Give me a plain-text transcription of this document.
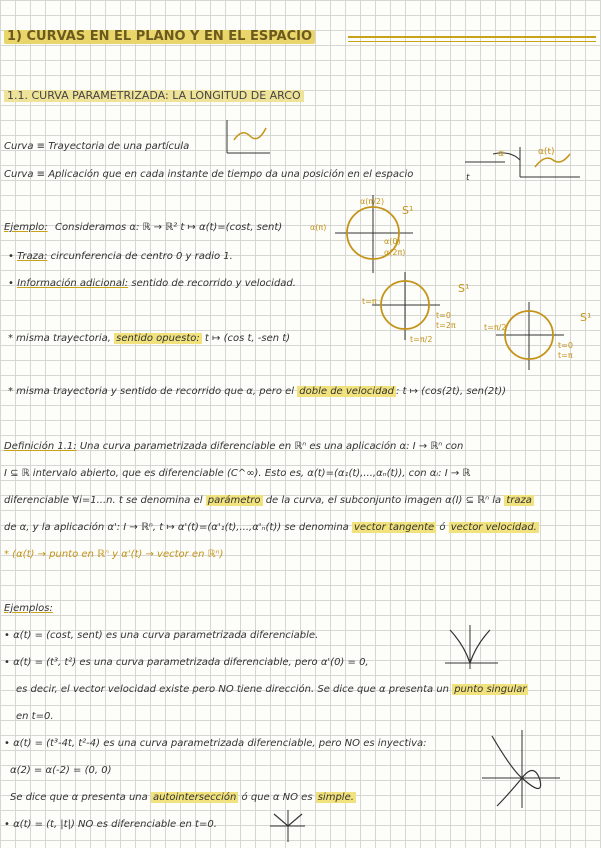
1) CURVAS EN EL PLANO Y EN EL ESPACIO
1.1. CURVA PARAMETRIZADA: LA LONGITUD DE ARCO
Curva ≡ Trayectoria de una partícula
Curva ≡ Aplicación que en cada instante de tiempo da una posición en el espacio
α	α(t)
t
Ejemplo: Consideramos α: ℝ → ℝ² t ↦ α(t)=(cost, sent)
α(π/2)
α(π)
α(0)
α(2π)
S¹
• Traza: circunferencia de centro 0 y radio 1.
• Información adicional: sentido de recorrido y velocidad.
t=π
t=0
t=2π
t=π/2
S¹
* misma trayectoria, sentido opuesto: t ↦ (cos t, -sen t)
t=π/2
t=0
t=π
S¹
* misma trayectoria y sentido de recorrido que α, pero el doble de velocidad : t ↦ (cos(2t), sen(2t))
Definición 1.1: Una curva parametrizada diferenciable en ℝⁿ es una aplicación α: I → ℝⁿ con
I ⊆ ℝ intervalo abierto, que es diferenciable (C^∞). Esto es, α(t)=(α₁(t),...,αₙ(t)), con αᵢ: I → ℝ
diferenciable ∀i=1...n. t se denomina el parámetro de la curva, el subconjunto imagen α(I) ⊆ ℝⁿ la traza
de α, y la aplicación α': I → ℝⁿ, t ↦ α'(t)=(α'₁(t),...,α'ₙ(t)) se denomina vector tangente ó vector velocidad.
* (α(t) → punto en ℝⁿ y α'(t) → vector en ℝⁿ)
Ejemplos:
• α(t) = (cost, sent) es una curva parametrizada diferenciable.
• α(t) = (t³, t²) es una curva parametrizada diferenciable, pero α'(0) = 0,
es decir, el vector velocidad existe pero NO tiene dirección. Se dice que α presenta un punto singular
en t=0.
• α(t) = (t³-4t, t²-4) es una curva parametrizada diferenciable, pero NO es inyectiva:
α(2) = α(-2) = (0, 0)
Se dice que α presenta una autointersección ó que α NO es simple.
• α(t) = (t, |t|) NO es diferenciable en t=0.
